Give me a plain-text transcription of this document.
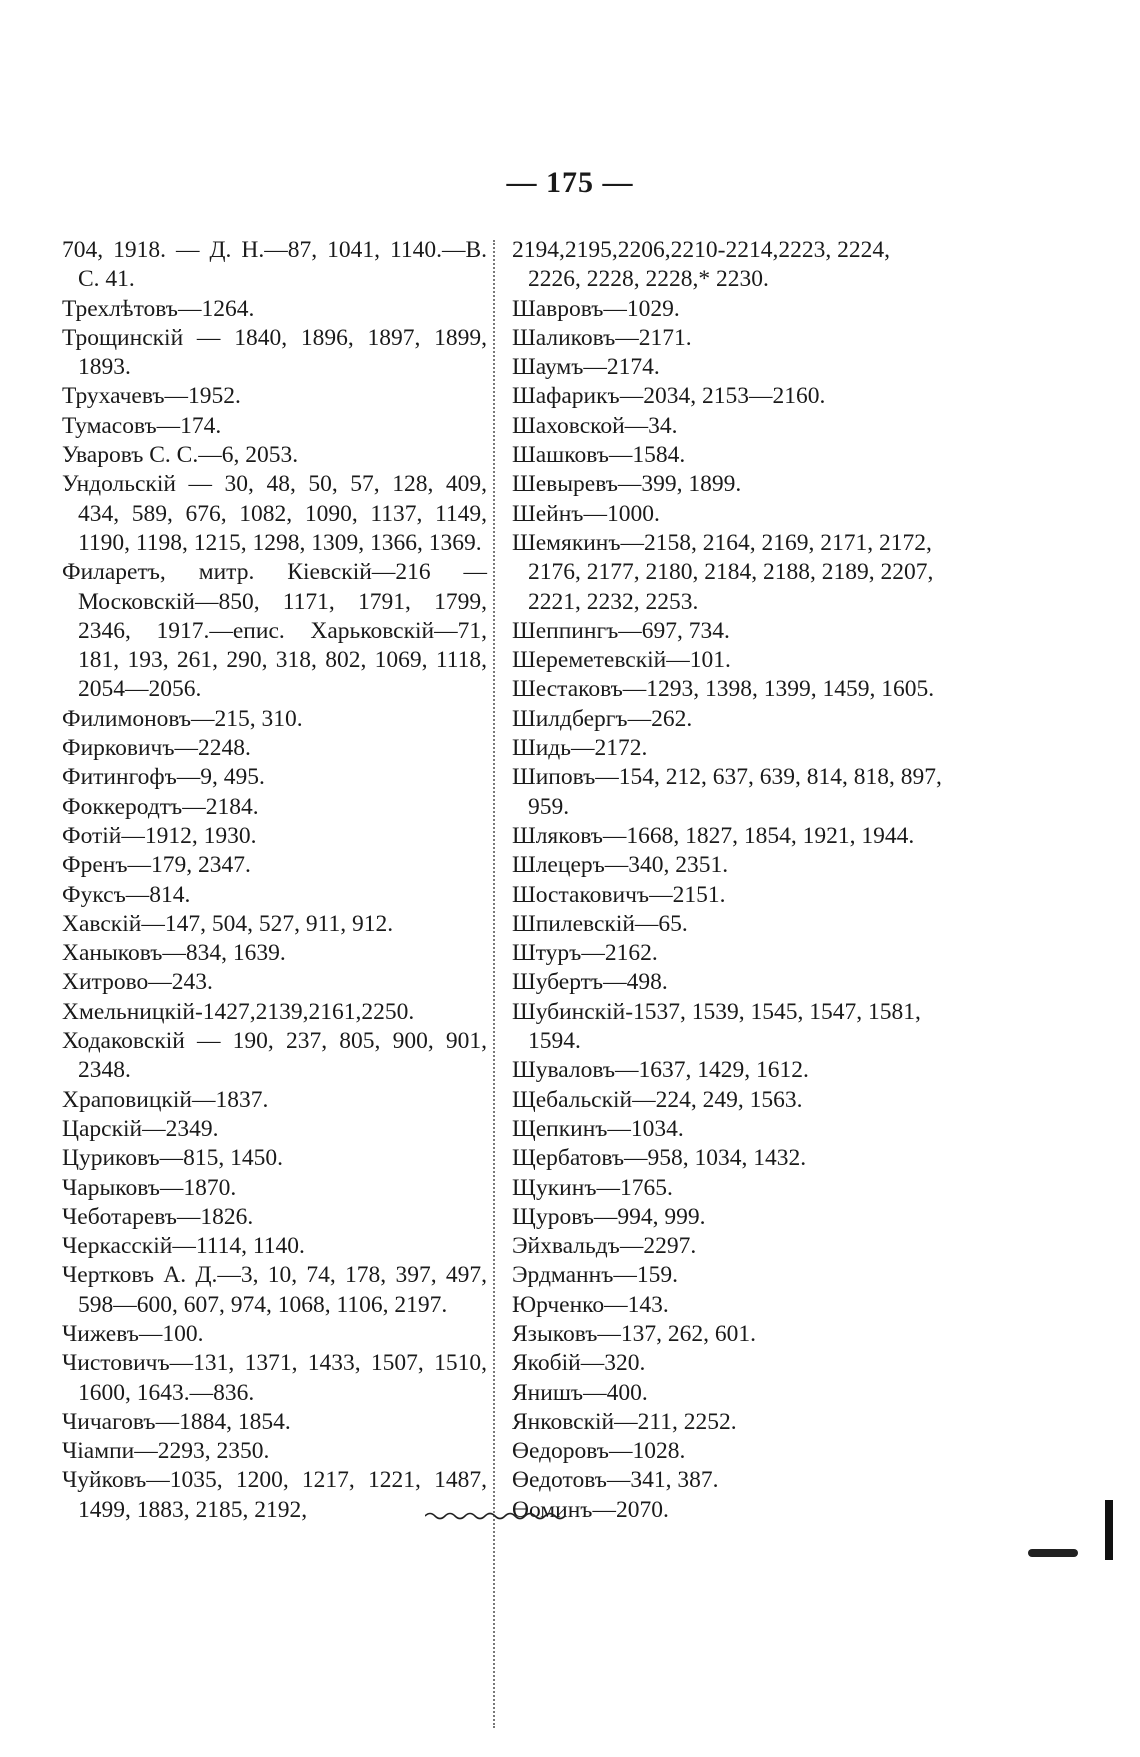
— 175 —
704, 1918. — Д. Н.—87, 1041, 1140.—В. С. 41.
Трехлѣтовъ—1264.
Трощинскій — 1840, 1896, 1897, 1899, 1893.
Трухачевъ—1952.
Тумасовъ—174.
Уваровъ С. С.—6, 2053.
Ундольскій — 30, 48, 50, 57, 128, 409, 434, 589, 676, 1082, 1090, 1137, 1149, 1190, 1198, 1215, 1298, 1309, 1366, 1369.
Филаретъ, митр. Кіевскій—216 —Московскій—850, 1171, 1791, 1799, 2346, 1917.—епис. Харьковскій—71, 181, 193, 261, 290, 318, 802, 1069, 1118, 2054—2056.
Филимоновъ—215, 310.
Фирковичъ—2248.
Фитингофъ—9, 495.
Фоккеродтъ—2184.
Фотій—1912, 1930.
Френъ—179, 2347.
Фуксъ—814.
Хавскій—147, 504, 527, 911, 912.
Ханыковъ—834, 1639.
Хитрово—243.
Хмельницкій-1427,2139,2161,2250.
Ходаковскій — 190, 237, 805, 900, 901, 2348.
Храповицкій—1837.
Царскій—2349.
Цуриковъ—815, 1450.
Чарыковъ—1870.
Чеботаревъ—1826.
Черкасскій—1114, 1140.
Чертковъ А. Д.—3, 10, 74, 178, 397, 497, 598—600, 607, 974, 1068, 1106, 2197.
Чижевъ—100.
Чистовичъ—131, 1371, 1433, 1507, 1510, 1600, 1643.—836.
Чичаговъ—1884, 1854.
Чіампи—2293, 2350.
Чуйковъ—1035, 1200, 1217, 1221, 1487, 1499, 1883, 2185, 2192,
2194,2195,2206,2210-2214,2223, 2224, 2226, 2228, 2228,* 2230.
Шавровъ—1029.
Шаликовъ—2171.
Шаумъ—2174.
Шафарикъ—2034, 2153—2160.
Шаховской—34.
Шашковъ—1584.
Шевыревъ—399, 1899.
Шейнъ—1000.
Шемякинъ—2158, 2164, 2169, 2171, 2172, 2176, 2177, 2180, 2184, 2188, 2189, 2207, 2221, 2232, 2253.
Шеппингъ—697, 734.
Шереметевскій—101.
Шестаковъ—1293, 1398, 1399, 1459, 1605.
Шилдбергъ—262.
Шидь—2172.
Шиповъ—154, 212, 637, 639, 814, 818, 897, 959.
Шляковъ—1668, 1827, 1854, 1921, 1944.
Шлецеръ—340, 2351.
Шостаковичъ—2151.
Шпилевскій—65.
Штуръ—2162.
Шубертъ—498.
Шубинскій-1537, 1539, 1545, 1547, 1581, 1594.
Шуваловъ—1637, 1429, 1612.
Щебальскій—224, 249, 1563.
Щепкинъ—1034.
Щербатовъ—958, 1034, 1432.
Щукинъ—1765.
Щуровъ—994, 999.
Эйхвальдъ—2297.
Эрдманнъ—159.
Юрченко—143.
Языковъ—137, 262, 601.
Якобій—320.
Янишъ—400.
Янковскій—211, 2252.
Өедоровъ—1028.
Өедотовъ—341, 387.
Өоминъ—2070.
